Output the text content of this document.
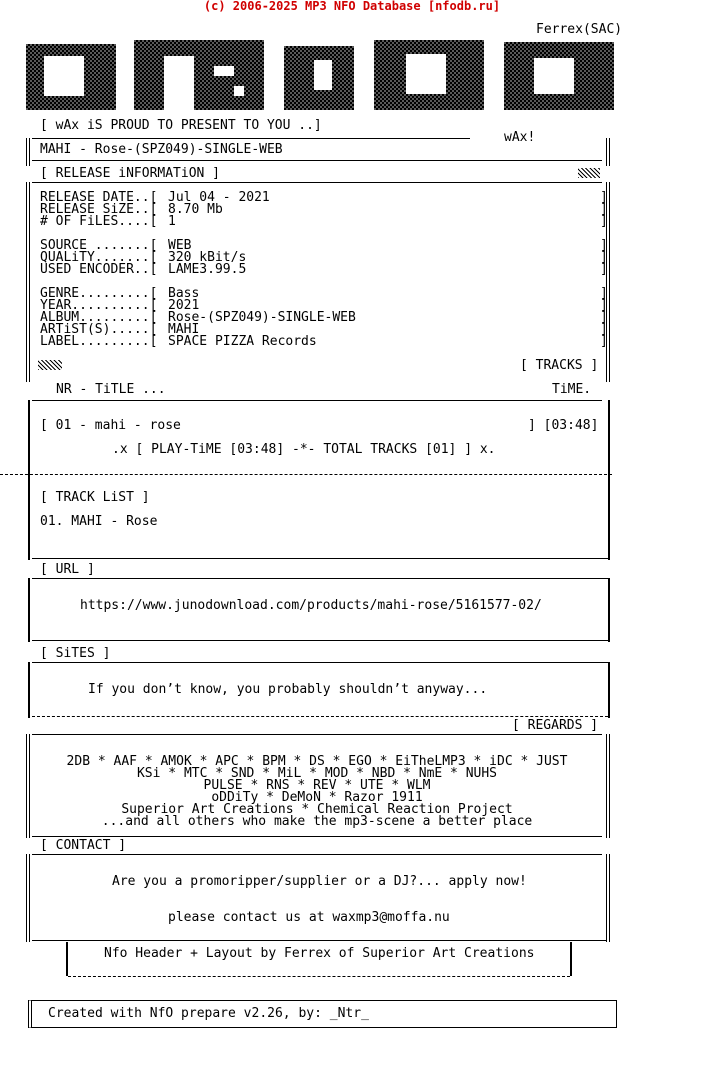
(c) 2006-2025 MP3 NFO Database [nfodb.ru]
Ferrex(SAC)
[ wAx iS PROUD TO PRESENT TO YOU ..]
wAx!
MAHI - Rose-(SPZ049)-SINGLE-WEB
[ RELEASE iNFORMATiON ]
RELEASE DATE..[ Jul 04 - 2021	]
RELEASE SiZE..[ 8.70 Mb	]
# OF FiLES....[ 1	]
SOURCE .......[ WEB	]
QUALiTY.......[ 320 kBit/s	]
USED ENCODER..[ LAME3.99.5	]
GENRE.........[ Bass	]
YEAR..........[ 2021	]
ALBUM.........[ Rose-(SPZ049)-SINGLE-WEB	]
ARTiST(S).....[ MAHI	]
LABEL.........[ SPACE PIZZA Records	]
[ TRACKS ]
NR - TiTLE ...	TiME.
[ 01 - mahi - rose	] [03:48]
.x [ PLAY-TiME [03:48] -*- TOTAL TRACKS [01] ] x.
[ TRACK LiST ]
01. MAHI - Rose
[ URL ]
https://www.junodownload.com/products/mahi-rose/5161577-02/
[ SiTES ]
If you don’t know, you probably shouldn’t anyway...
[ REGARDS ]
2DB * AAF * AMOK * APC * BPM * DS * EGO * EiTheLMP3 * iDC * JUST
KSi * MTC * SND * MiL * MOD * NBD * NmE * NUHS
PULSE * RNS * REV * UTE * WLM
oDDiTy * DeMoN * Razor 1911
Superior Art Creations * Chemical Reaction Project
...and all others who make the mp3-scene a better place
[ CONTACT ]
Are you a promoripper/supplier or a DJ?... apply now!
please contact us at waxmp3@moffa.nu
Nfo Header + Layout by Ferrex of Superior Art Creations
Created with NfO prepare v2.26, by: _Ntr_
